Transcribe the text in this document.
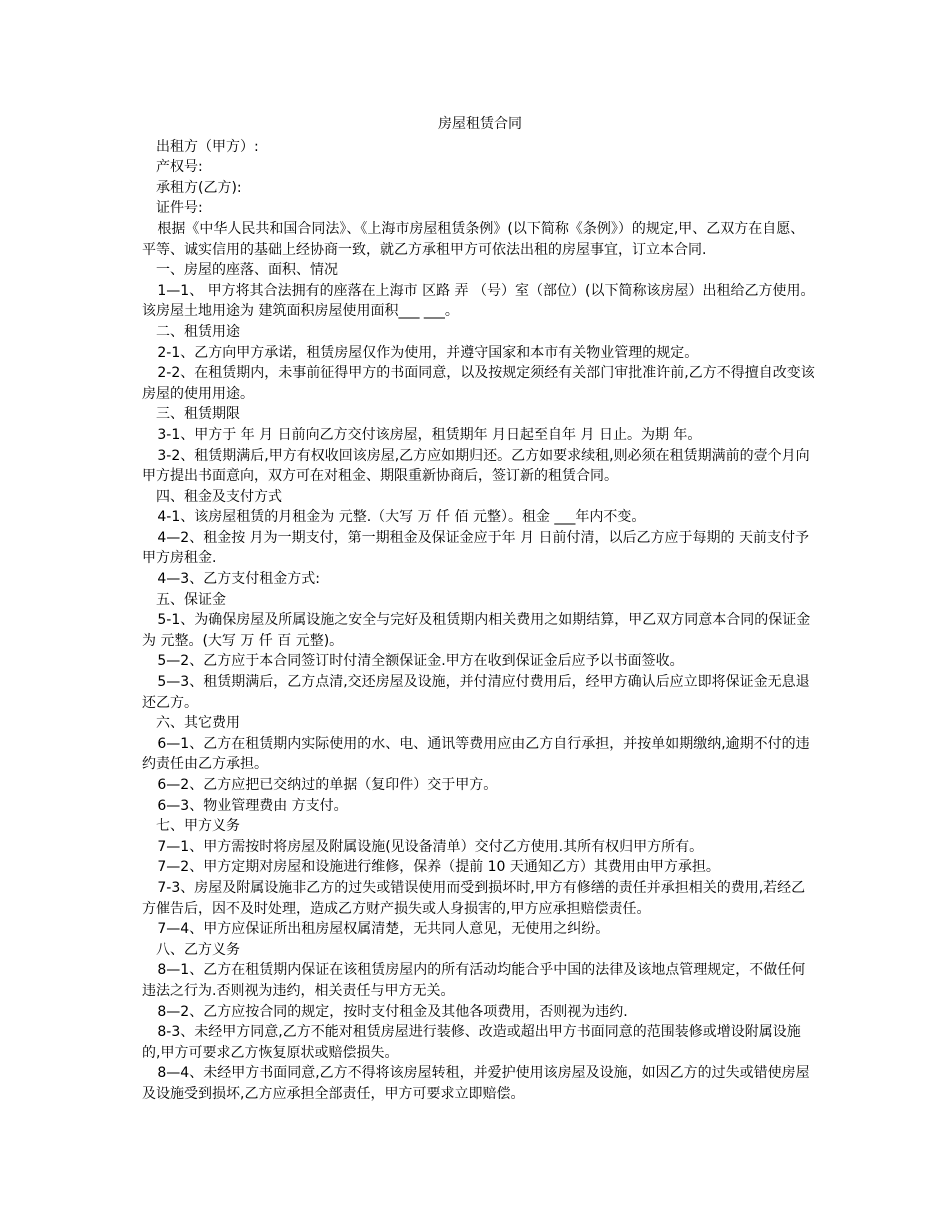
房屋租赁合同

出租方（甲方）:

产权号:

承租方(乙方):

证件号:

根据《中华人民共和国合同法》、《上海市房屋租赁条例》(以下简称《条例》）的规定,甲、乙双方在自愿、平等、诚实信用的基础上经协商一致，就乙方承租甲方可依法出租的房屋事宜，订立本合同.

一、房屋的座落、面积、情况

1—1、 甲方将其合法拥有的座落在上海市 区路 弄 （号）室（部位）(以下简称该房屋）出租给乙方使用。该房屋土地用途为 建筑面积房屋使用面积___ ___。

二、租赁用途

2-1、乙方向甲方承诺，租赁房屋仅作为使用，并遵守国家和本市有关物业管理的规定。

2-2、在租赁期内，未事前征得甲方的书面同意，以及按规定须经有关部门审批准许前,乙方不得擅自改变该房屋的使用用途。

三、租赁期限

3-1、甲方于 年 月 日前向乙方交付该房屋，租赁期年 月日起至自年 月 日止。为期 年。

3-2、租赁期满后,甲方有权收回该房屋,乙方应如期归还。乙方如要求续租,则必须在租赁期满前的壹个月向甲方提出书面意向，双方可在对租金、期限重新协商后，签订新的租赁合同。

四、租金及支付方式

4-1、该房屋租赁的月租金为 元整.（大写 万 仟 佰 元整）。租金 ___年内不变。

4—2、租金按 月为一期支付，第一期租金及保证金应于年 月 日前付清，以后乙方应于每期的 天前支付予甲方房租金.

4—3、乙方支付租金方式:

五、保证金

5-1、为确保房屋及所属设施之安全与完好及租赁期内相关费用之如期结算，甲乙双方同意本合同的保证金为 元整。(大写 万 仟 百 元整)。

5—2、乙方应于本合同签订时付清全额保证金.甲方在收到保证金后应予以书面签收。

5—3、租赁期满后，乙方点清,交还房屋及设施，并付清应付费用后，经甲方确认后应立即将保证金无息退还乙方。

六、其它费用

6—1、乙方在租赁期内实际使用的水、电、通讯等费用应由乙方自行承担，并按单如期缴纳,逾期不付的违约责任由乙方承担。

6—2、乙方应把已交纳过的单据（复印件）交于甲方。

6—3、物业管理费由 方支付。

七、甲方义务

7—1、甲方需按时将房屋及附属设施(见设备清单）交付乙方使用.其所有权归甲方所有。

7—2、甲方定期对房屋和设施进行维修，保养（提前 10 天通知乙方）其费用由甲方承担。

7-3、房屋及附属设施非乙方的过失或错误使用而受到损坏时,甲方有修缮的责任并承担相关的费用,若经乙方催告后，因不及时处理，造成乙方财产损失或人身损害的,甲方应承担赔偿责任。

7—4、甲方应保证所出租房屋权属清楚，无共同人意见，无使用之纠纷。

八、乙方义务

8—1、乙方在租赁期内保证在该租赁房屋内的所有活动均能合乎中国的法律及该地点管理规定，不做任何违法之行为.否则视为违约，相关责任与甲方无关。

8—2、乙方应按合同的规定，按时支付租金及其他各项费用，否则视为违约.

8-3、未经甲方同意,乙方不能对租赁房屋进行装修、改造或超出甲方书面同意的范围装修或增设附属设施的,甲方可要求乙方恢复原状或赔偿损失。

8—4、未经甲方书面同意,乙方不得将该房屋转租，并爱护使用该房屋及设施，如因乙方的过失或错使房屋及设施受到损坏,乙方应承担全部责任，甲方可要求立即赔偿。
